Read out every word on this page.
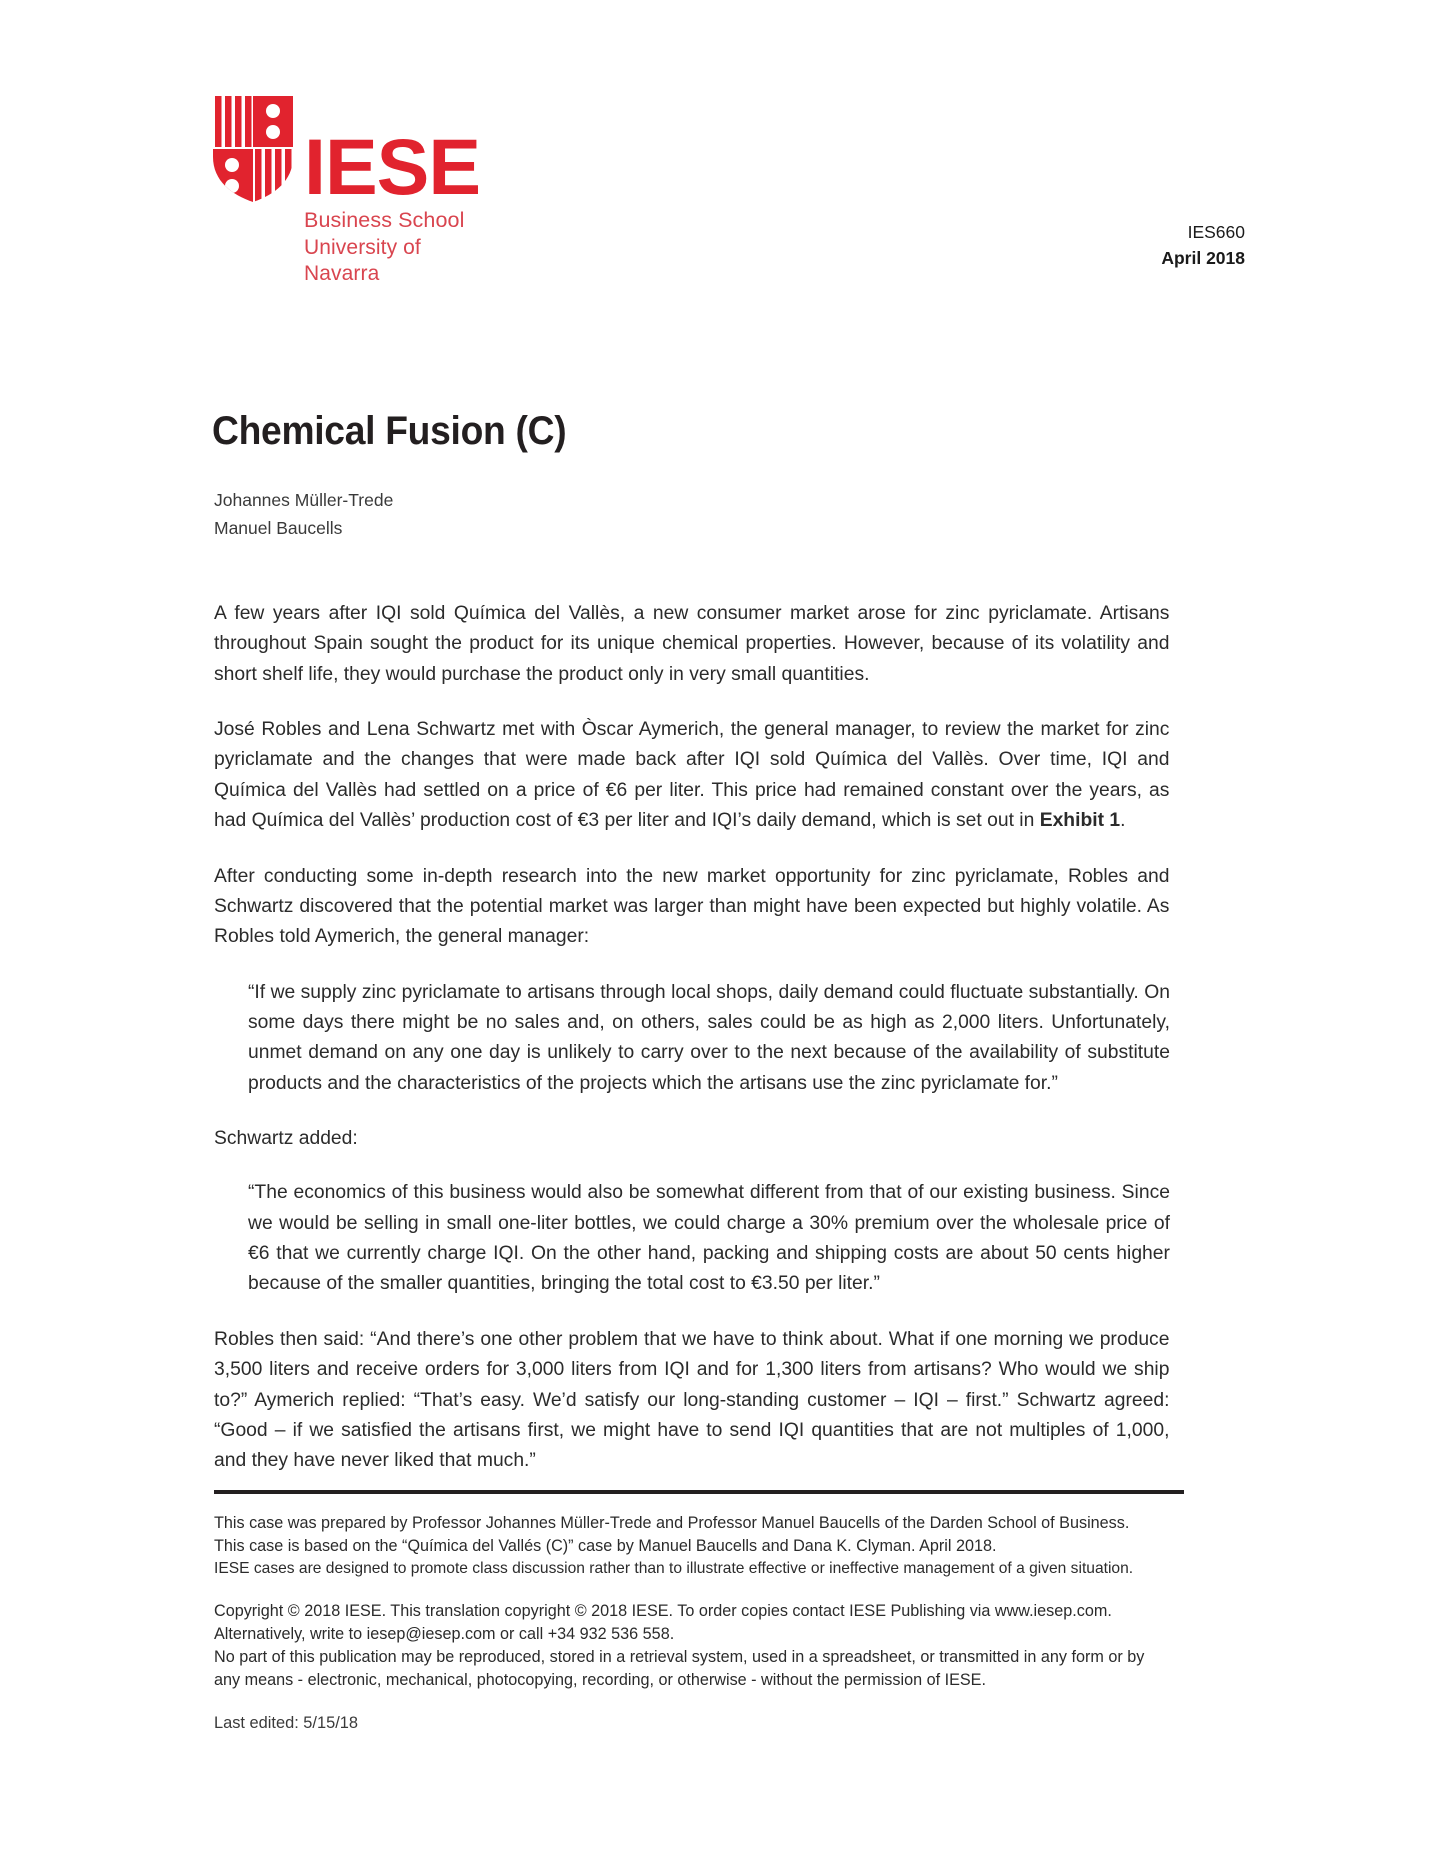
IESE
Business School
University of Navarra
IES660
April 2018
Chemical Fusion (C)
Johannes Müller-Trede
Manuel Baucells

A few years after IQI sold Química del Vallès, a new consumer market arose for zinc pyriclamate. Artisans throughout Spain sought the product for its unique chemical properties. However, because of its volatility and short shelf life, they would purchase the product only in very small quantities.

José Robles and Lena Schwartz met with Òscar Aymerich, the general manager, to review the market for zinc pyriclamate and the changes that were made back after IQI sold Química del Vallès. Over time, IQI and Química del Vallès had settled on a price of €6 per liter. This price had remained constant over the years, as had Química del Vallès’ production cost of €3 per liter and IQI’s daily demand, which is set out in Exhibit 1.

After conducting some in-depth research into the new market opportunity for zinc pyriclamate, Robles and Schwartz discovered that the potential market was larger than might have been expected but highly volatile. As Robles told Aymerich, the general manager:

“If we supply zinc pyriclamate to artisans through local shops, daily demand could fluctuate substantially. On some days there might be no sales and, on others, sales could be as high as 2,000 liters. Unfortunately, unmet demand on any one day is unlikely to carry over to the next because of the availability of substitute products and the characteristics of the projects which the artisans use the zinc pyriclamate for.”

Schwartz added:

“The economics of this business would also be somewhat different from that of our existing business. Since we would be selling in small one-liter bottles, we could charge a 30% premium over the wholesale price of €6 that we currently charge IQI. On the other hand, packing and shipping costs are about 50 cents higher because of the smaller quantities, bringing the total cost to €3.50 per liter.”

Robles then said: “And there’s one other problem that we have to think about. What if one morning we produce 3,500 liters and receive orders for 3,000 liters from IQI and for 1,300 liters from artisans? Who would we ship to?” Aymerich replied: “That’s easy. We’d satisfy our long-standing customer – IQI – first.” Schwartz agreed: “Good – if we satisfied the artisans first, we might have to send IQI quantities that are not multiples of 1,000, and they have never liked that much.”

This case was prepared by Professor Johannes Müller-Trede and Professor Manuel Baucells of the Darden School of Business.
This case is based on the “Química del Vallés (C)” case by Manuel Baucells and Dana K. Clyman. April 2018.
IESE cases are designed to promote class discussion rather than to illustrate effective or ineffective management of a given situation.
Copyright © 2018 IESE. This translation copyright © 2018 IESE. To order copies contact IESE Publishing via www.iesep.com.
Alternatively, write to iesep@iesep.com or call +34 932 536 558.
No part of this publication may be reproduced, stored in a retrieval system, used in a spreadsheet, or transmitted in any form or by
any means - electronic, mechanical, photocopying, recording, or otherwise - without the permission of IESE.
Last edited: 5/15/18
